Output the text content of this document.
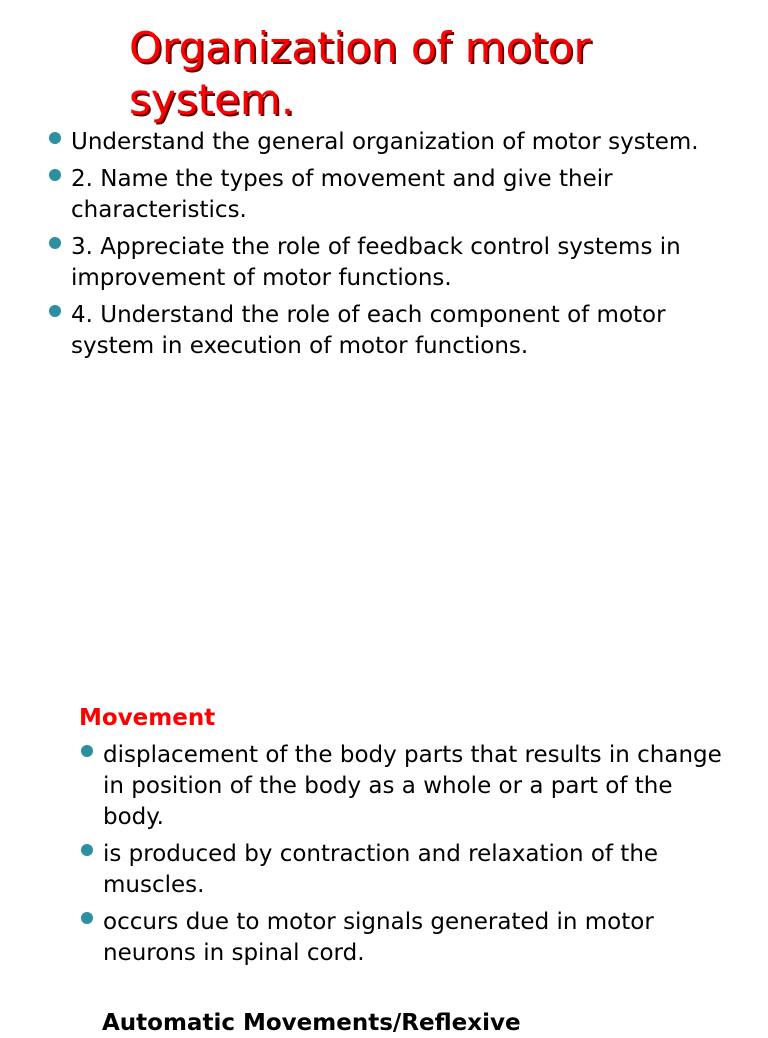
Organization of motor system.
Understand the general organization of motor system.
2. Name the types of movement and give their characteristics.
3. Appreciate the role of feedback control systems in improvement of motor functions.
4. Understand the role of each component of motor system in execution of motor functions.
Movement
displacement of the body parts that results in change in position of the body as a whole or a part of the body.
is produced by contraction and relaxation of the muscles.
occurs due to motor signals generated in motor neurons in spinal cord.
Automatic Movements/Reflexive
